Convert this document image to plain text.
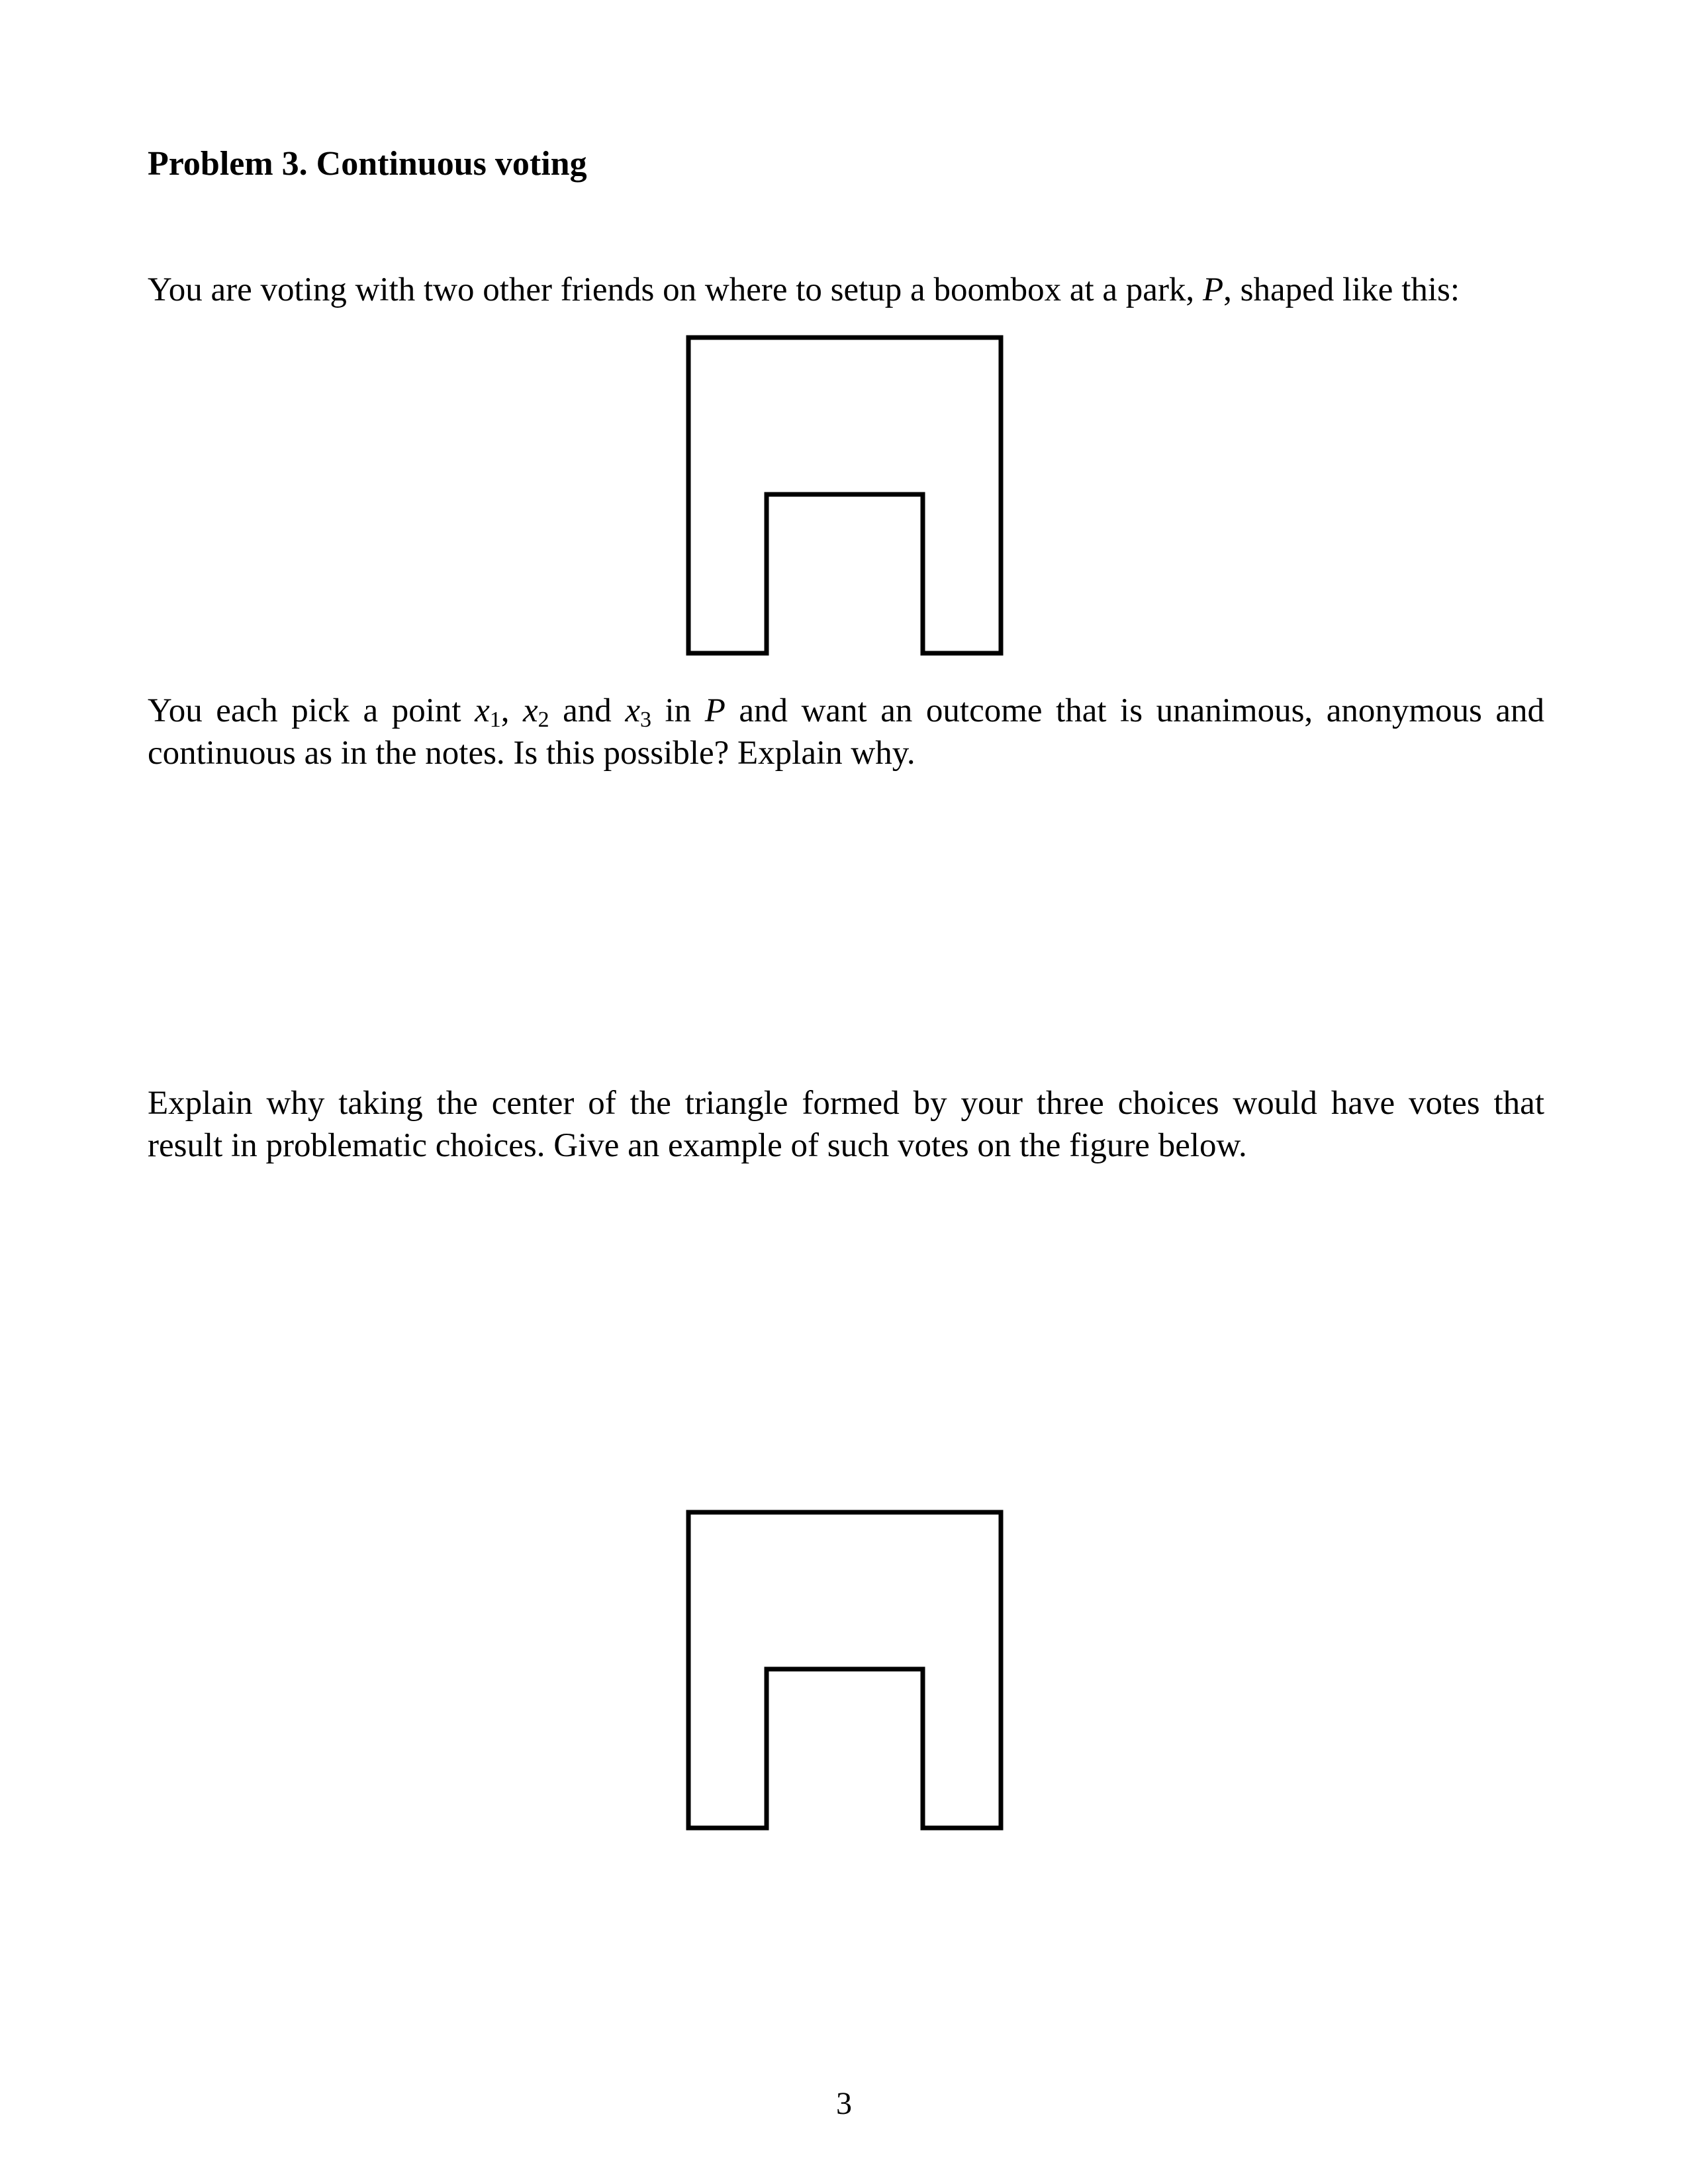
Problem 3. Continuous voting
You are voting with two other friends on where to setup a boombox at a park, P, shaped like this:
You each pick a point $x_1$, $x_2$ and $x_3$ in P and want an outcome that is unanimous, anonymous and
continuous as in the notes. Is this possible? Explain why.
Explain why taking the center of the triangle formed by your three choices would have votes that
result in problematic choices. Give an example of such votes on the figure below.
3
